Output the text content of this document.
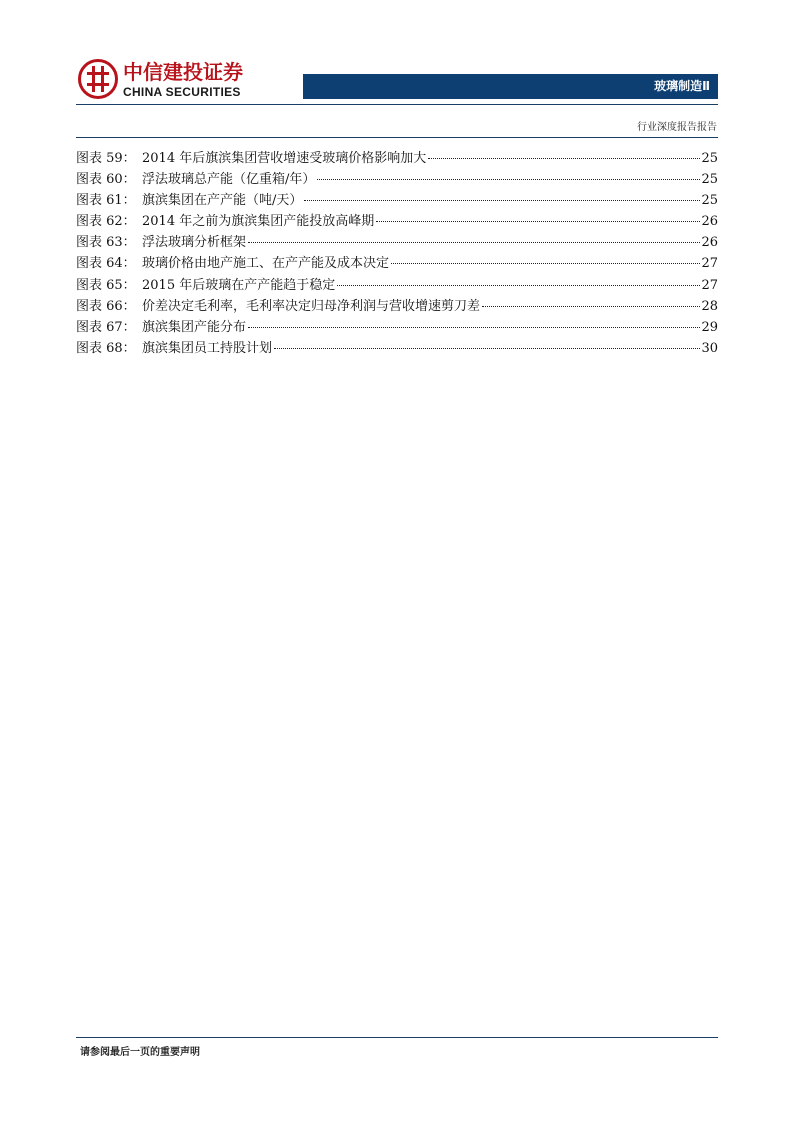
中信建投证券
CHINA SECURITIES	玻璃制造Ⅱ
行业深度报告报告
图表 59： 2014 年后旗滨集团营收增速受玻璃价格影响加大	25
图表 60： 浮法玻璃总产能（亿重箱/年）	25
图表 61： 旗滨集团在产产能（吨/天）	25
图表 62： 2014 年之前为旗滨集团产能投放高峰期	26
图表 63： 浮法玻璃分析框架	26
图表 64： 玻璃价格由地产施工、在产产能及成本决定	27
图表 65： 2015 年后玻璃在产产能趋于稳定	27
图表 66： 价差决定毛利率，毛利率决定归母净利润与营收增速剪刀差	28
图表 67： 旗滨集团产能分布	29
图表 68： 旗滨集团员工持股计划	30
请参阅最后一页的重要声明
